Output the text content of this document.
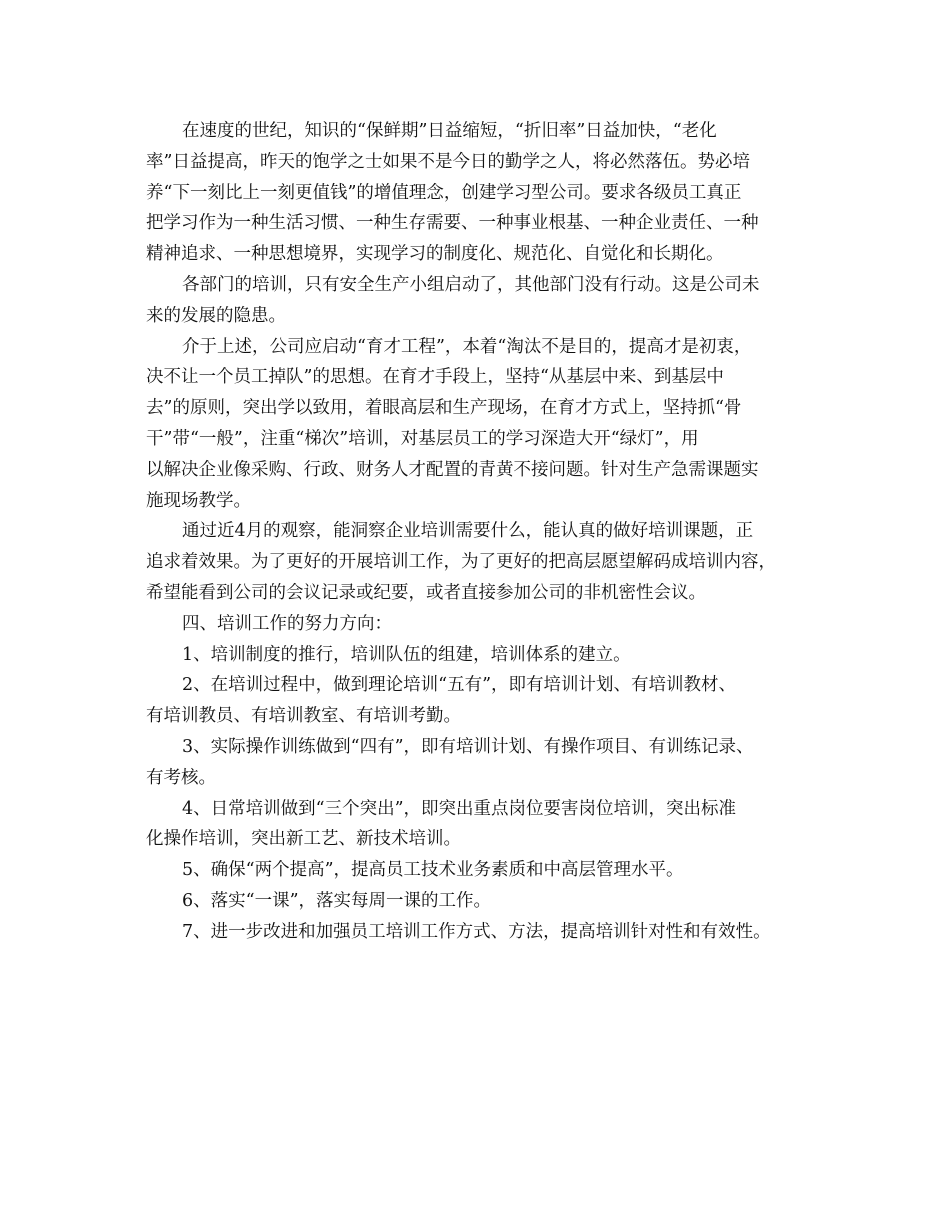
在速度的世纪，知识的“保鲜期”日益缩短，“折旧率”日益加快，“老化
率”日益提高，昨天的饱学之士如果不是今日的勤学之人，将必然落伍。势必培
养“下一刻比上一刻更值钱”的增值理念，创建学习型公司。要求各级员工真正
把学习作为一种生活习惯、一种生存需要、一种事业根基、一种企业责任、一种
精神追求、一种思想境界，实现学习的制度化、规范化、自觉化和长期化。
各部门的培训，只有安全生产小组启动了，其他部门没有行动。这是公司未
来的发展的隐患。
介于上述，公司应启动“育才工程”，本着“淘汰不是目的，提高才是初衷，
决不让一个员工掉队”的思想。在育才手段上，坚持“从基层中来、到基层中
去”的原则，突出学以致用，着眼高层和生产现场，在育才方式上，坚持抓“骨
干”带“一般”，注重“梯次”培训，对基层员工的学习深造大开“绿灯”，用
以解决企业像采购、行政、财务人才配置的青黄不接问题。针对生产急需课题实
施现场教学。
通过近4月的观察，能洞察企业培训需要什么，能认真的做好培训课题，正
追求着效果。为了更好的开展培训工作，为了更好的把高层愿望解码成培训内容，
希望能看到公司的会议记录或纪要，或者直接参加公司的非机密性会议。
四、培训工作的努力方向：
1、培训制度的推行，培训队伍的组建，培训体系的建立。
2、在培训过程中，做到理论培训“五有”，即有培训计划、有培训教材、
有培训教员、有培训教室、有培训考勤。
3、实际操作训练做到“四有”，即有培训计划、有操作项目、有训练记录、
有考核。
4、日常培训做到“三个突出”，即突出重点岗位要害岗位培训，突出标准
化操作培训，突出新工艺、新技术培训。
5、确保“两个提高”，提高员工技术业务素质和中高层管理水平。
6、落实“一课”，落实每周一课的工作。
7、进一步改进和加强员工培训工作方式、方法，提高培训针对性和有效性。
